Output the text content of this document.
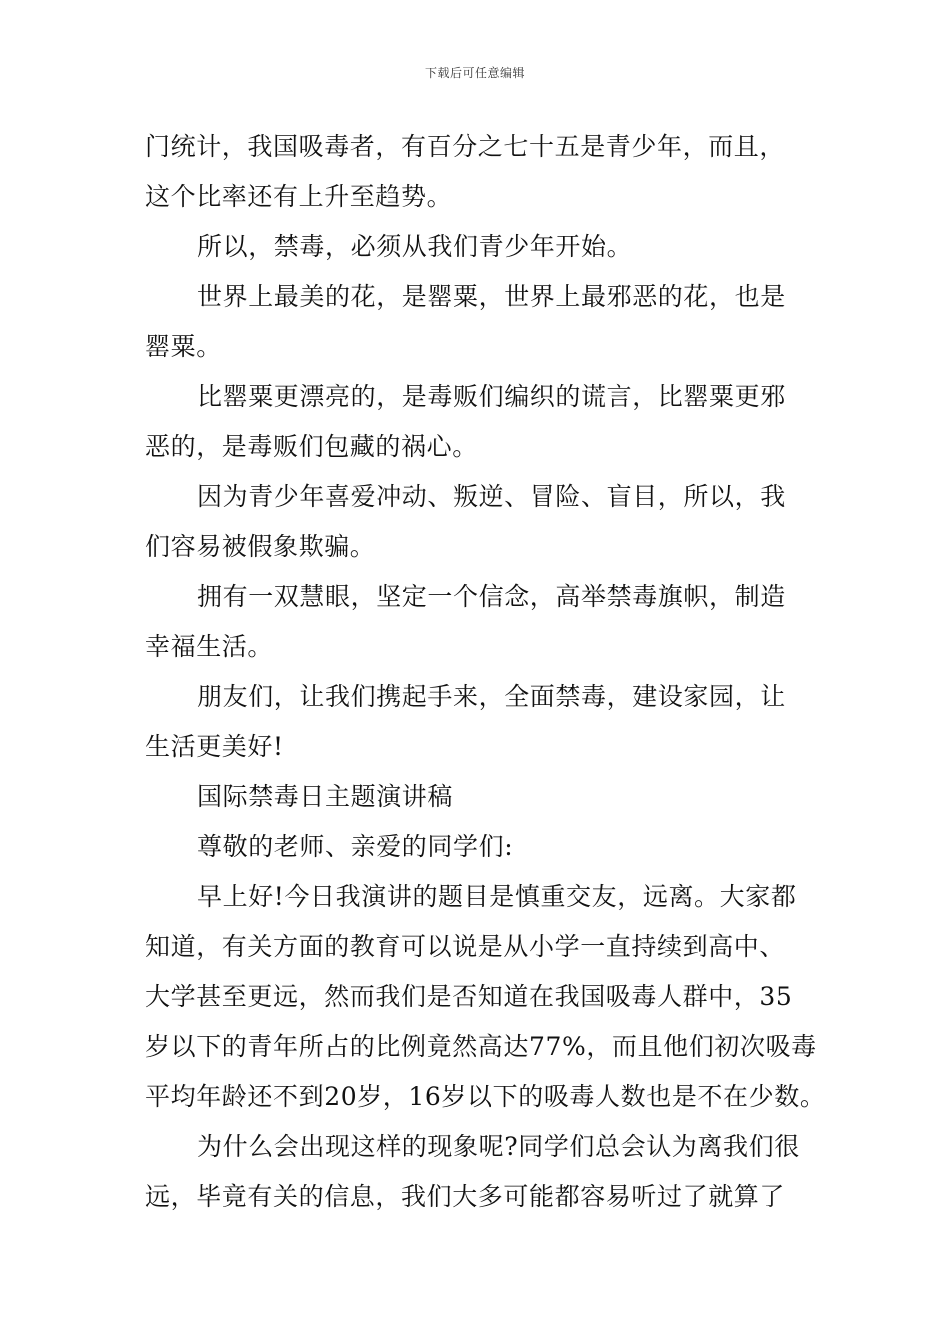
下载后可任意编辑
门统计，我国吸毒者，有百分之七十五是青少年，而且，
这个比率还有上升至趋势。
所以，禁毒，必须从我们青少年开始。
世界上最美的花，是罂粟，世界上最邪恶的花，也是
罂粟。
比罂粟更漂亮的，是毒贩们编织的谎言，比罂粟更邪
恶的，是毒贩们包藏的祸心。
因为青少年喜爱冲动、叛逆、冒险、盲目，所以，我
们容易被假象欺骗。
拥有一双慧眼，坚定一个信念，高举禁毒旗帜，制造
幸福生活。
朋友们，让我们携起手来，全面禁毒，建设家园，让
生活更美好!
国际禁毒日主题演讲稿
尊敬的老师、亲爱的同学们:
早上好!今日我演讲的题目是慎重交友，远离。大家都
知道，有关方面的教育可以说是从小学一直持续到高中、
大学甚至更远，然而我们是否知道在我国吸毒人群中，35
岁以下的青年所占的比例竟然高达77%，而且他们初次吸毒
平均年龄还不到20岁，16岁以下的吸毒人数也是不在少数。
为什么会出现这样的现象呢?同学们总会认为离我们很
远，毕竟有关的信息，我们大多可能都容易听过了就算了
